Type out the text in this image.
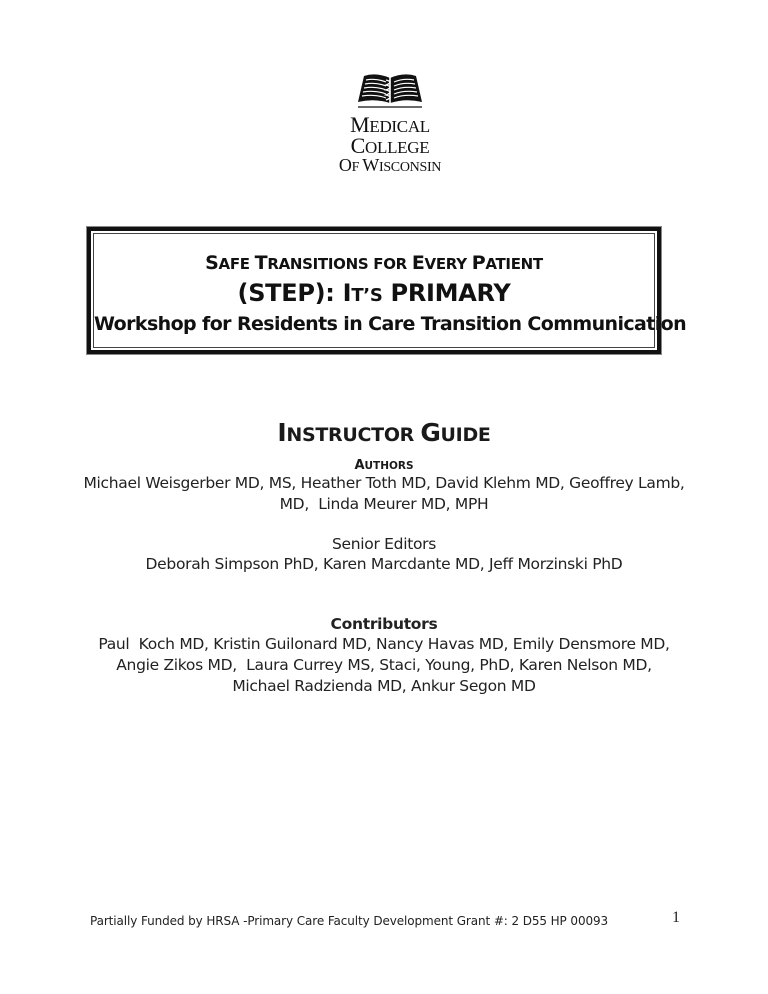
MEDICAL
COLLEGE
OF WISCONSIN
SAFE TRANSITIONS FOR EVERY PATIENT
(STEP): IT’S PRIMARY
Workshop for Residents in Care Transition Communication
INSTRUCTOR GUIDE
AUTHORS
Michael Weisgerber MD, MS, Heather Toth MD, David Klehm MD, Geoffrey Lamb,
MD,  Linda Meurer MD, MPH
Senior Editors
Deborah Simpson PhD, Karen Marcdante MD, Jeff Morzinski PhD
Contributors
Paul  Koch MD, Kristin Guilonard MD, Nancy Havas MD, Emily Densmore MD,
Angie Zikos MD,  Laura Currey MS, Staci, Young, PhD, Karen Nelson MD,
Michael Radzienda MD, Ankur Segon MD
Partially Funded by HRSA -Primary Care Faculty Development Grant #: 2 D55 HP 00093	1
